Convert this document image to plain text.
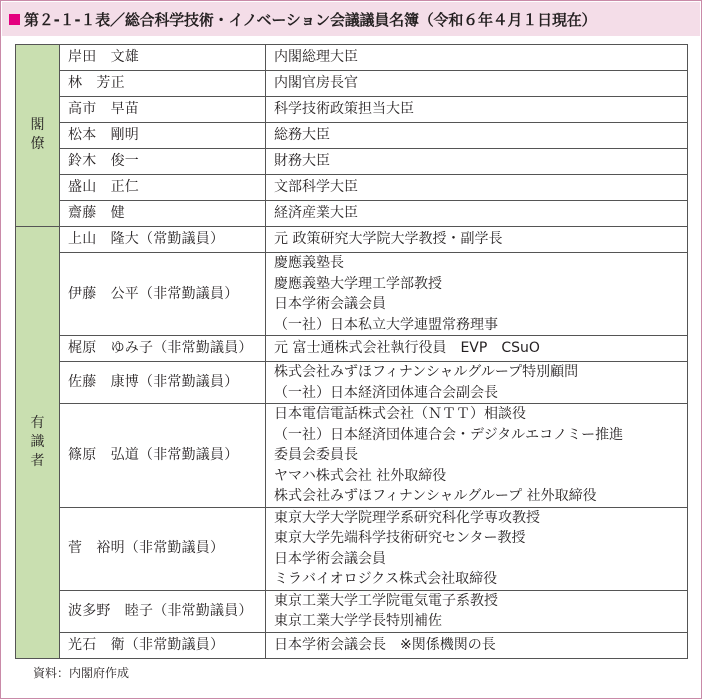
第２-１-１表／総合科学技術・イノベーション会議議員名簿（令和６年４月１日現在）
閣僚	岸田　文雄	内閣総理大臣
	林　芳正	内閣官房長官
	高市　早苗	科学技術政策担当大臣
	松本　剛明	総務大臣
	鈴木　俊一	財務大臣
	盛山　正仁	文部科学大臣
	齋藤　健	経済産業大臣
有識者	上山　隆大（常勤議員）	元 政策研究大学院大学教授・副学長

	伊藤　公平（非常勤議員）	慶應義塾長
慶應義塾大学理工学部教授
日本学術会議会員
（一社）日本私立大学連盟常務理事

	梶原　ゆみ子（非常勤議員）	元 富士通株式会社執行役員　EVP　CSuO

	佐藤　康博（非常勤議員）	株式会社みずほフィナンシャルグループ特別顧問
（一社）日本経済団体連合会副会長

	篠原　弘道（非常勤議員）	日本電信電話株式会社（ＮＴＴ）相談役
（一社）日本経済団体連合会・デジタルエコノミー推進
委員会委員長
ヤマハ株式会社 社外取締役
株式会社みずほフィナンシャルグループ 社外取締役

	菅　裕明（非常勤議員）	東京大学大学院理学系研究科化学専攻教授
東京大学先端科学技術研究センター教授
日本学術会議会員
ミラバイオロジクス株式会社取締役

	波多野　睦子（非常勤議員）	東京工業大学工学院電気電子系教授
東京工業大学学長特別補佐

	光石　衛（非常勤議員）	日本学術会議会長　※関係機関の長
資料：内閣府作成
